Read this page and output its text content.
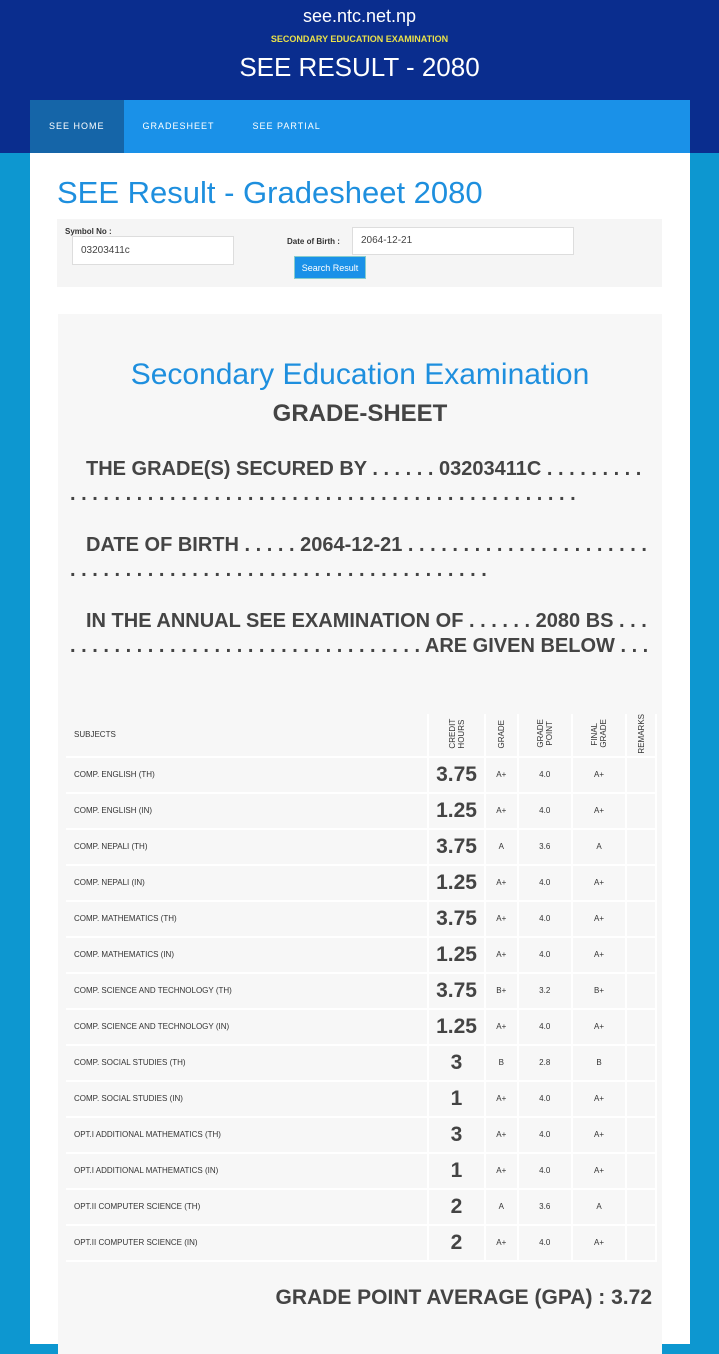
see.ntc.net.np
SECONDARY EDUCATION EXAMINATION
SEE RESULT - 2080
SEE HOME	GRADESHEET	SEE PARTIAL
SEE Result - Gradesheet 2080
Symbol No :
03203411c
Date of Birth :	2064-12-21
Search Result
Secondary Education Examination
GRADE-SHEET
THE GRADE(S) SECURED BY . . . . . . 03203411C . . . . . . . . . . . . . . . . . . . . . . . . . . . . . . . . . . . . . . . . . . . . . . . . . . . . . . .
DATE OF BIRTH . . . . . 2064-12-21 . . . . . . . . . . . . . . . . . . . . . . . . . . . . . . . . . . . . . . . . . . . . . . . . . . . . . . . . . . . .
IN THE ANNUAL SEE EXAMINATION OF . . . . . . 2080 BS . . . . . . . . . . . . . . . . . . . . . . . . . . . . . . . . . . . ARE GIVEN BELOW . . .
SUBJECTS	CREDIT HOURS	GRADE	GRADE POINT	FINAL GRADE	REMARKS
COMP. ENGLISH (TH)	3.75	A+	4.0	A+	
COMP. ENGLISH (IN)	1.25	A+	4.0	A+	
COMP. NEPALI (TH)	3.75	A	3.6	A	
COMP. NEPALI (IN)	1.25	A+	4.0	A+	
COMP. MATHEMATICS (TH)	3.75	A+	4.0	A+	
COMP. MATHEMATICS (IN)	1.25	A+	4.0	A+	
COMP. SCIENCE AND TECHNOLOGY (TH)	3.75	B+	3.2	B+	
COMP. SCIENCE AND TECHNOLOGY (IN)	1.25	A+	4.0	A+	
COMP. SOCIAL STUDIES (TH)	3	B	2.8	B	
COMP. SOCIAL STUDIES (IN)	1	A+	4.0	A+	
OPT.I ADDITIONAL MATHEMATICS (TH)	3	A+	4.0	A+	
OPT.I ADDITIONAL MATHEMATICS (IN)	1	A+	4.0	A+	
OPT.II COMPUTER SCIENCE (TH)	2	A	3.6	A	
OPT.II COMPUTER SCIENCE (IN)	2	A+	4.0	A+	
GRADE POINT AVERAGE (GPA) : 3.72
